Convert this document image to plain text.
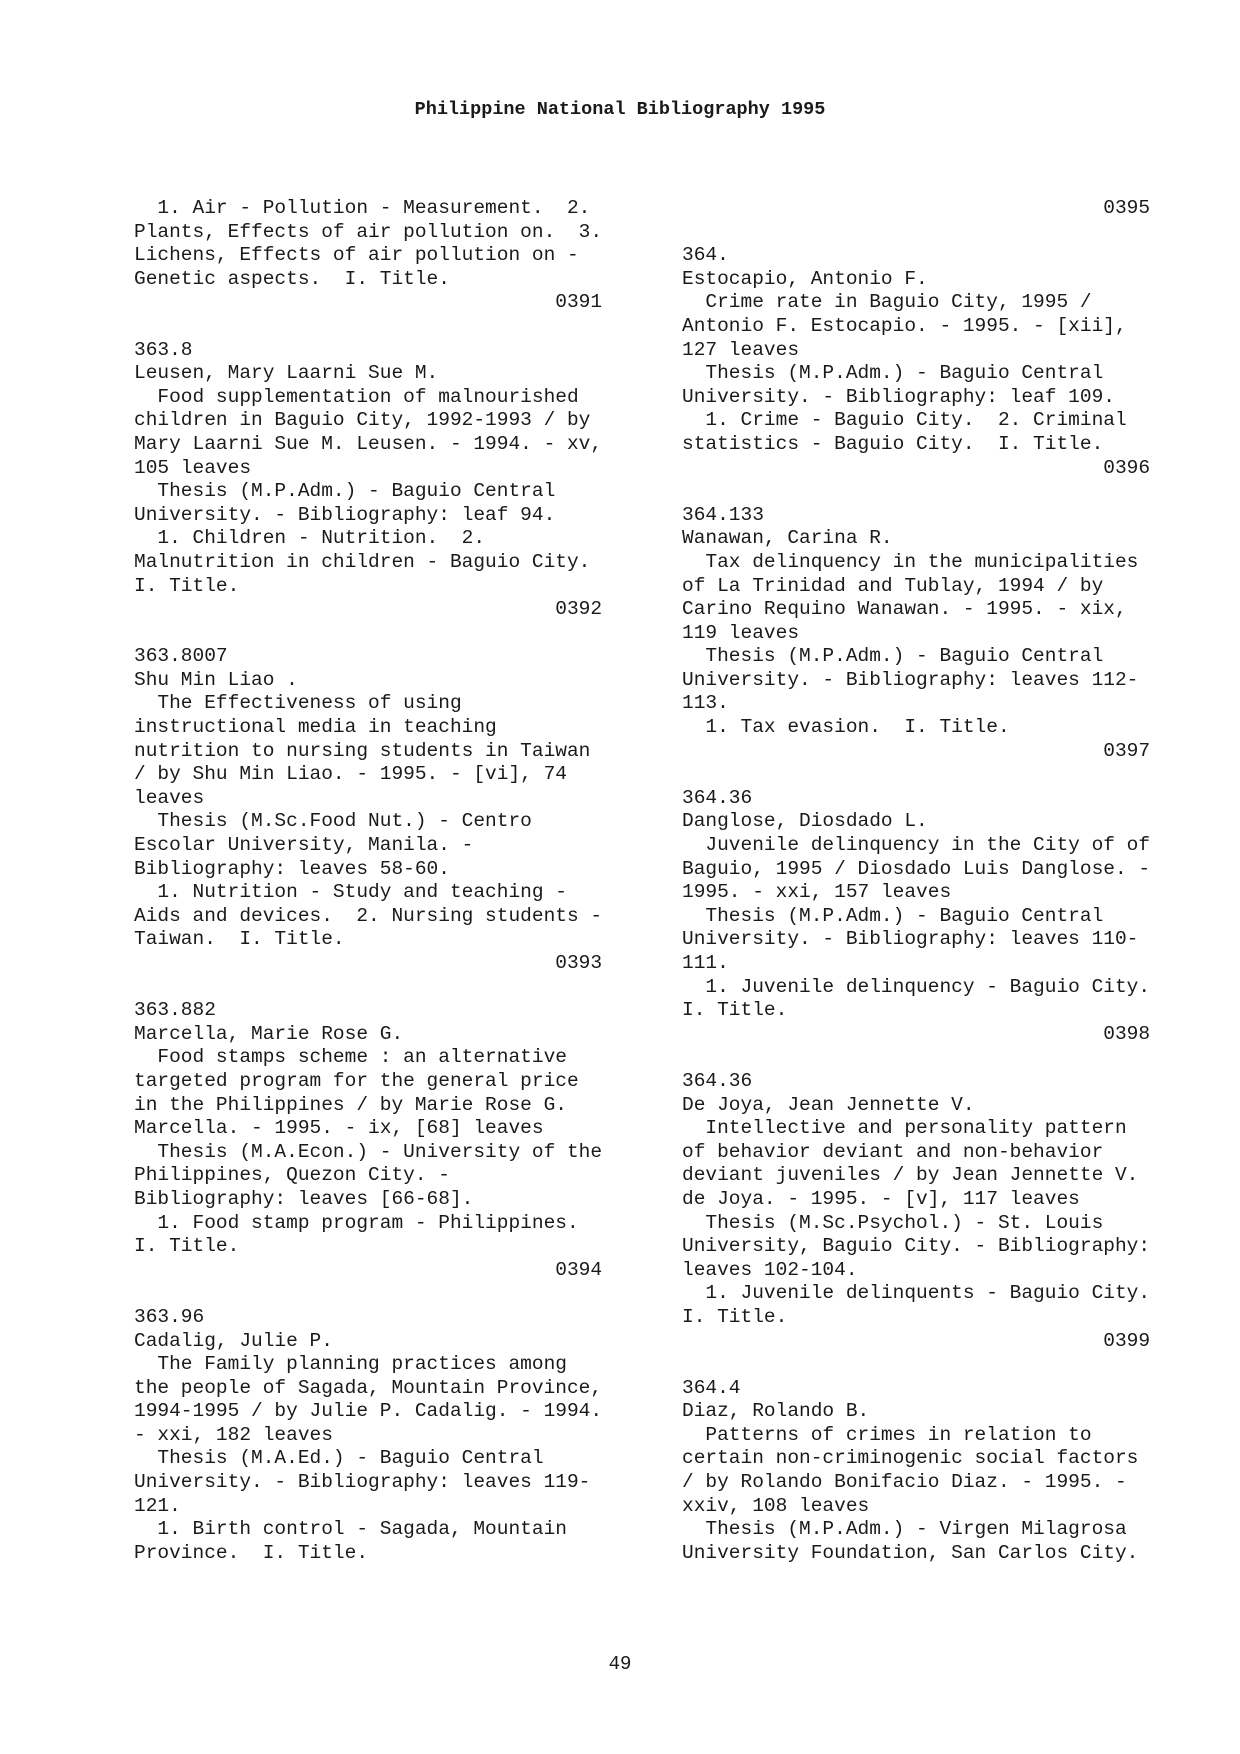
Philippine National Bibliography 1995
1. Air - Pollution - Measurement.  2.
Plants, Effects of air pollution on.  3.
Lichens, Effects of air pollution on -
Genetic aspects.  I. Title.
0391
363.8
Leusen, Mary Laarni Sue M.
Food supplementation of malnourished
children in Baguio City, 1992-1993 / by
Mary Laarni Sue M. Leusen. - 1994. - xv,
105 leaves
Thesis (M.P.Adm.) - Baguio Central
University. - Bibliography: leaf 94.
1. Children - Nutrition.  2.
Malnutrition in children - Baguio City.
I. Title.
0392
363.8007
Shu Min Liao .
The Effectiveness of using
instructional media in teaching
nutrition to nursing students in Taiwan
/ by Shu Min Liao. - 1995. - [vi], 74
leaves
Thesis (M.Sc.Food Nut.) - Centro
Escolar University, Manila. -
Bibliography: leaves 58-60.
1. Nutrition - Study and teaching -
Aids and devices.  2. Nursing students -
Taiwan.  I. Title.
0393
363.882
Marcella, Marie Rose G.
Food stamps scheme : an alternative
targeted program for the general price
in the Philippines / by Marie Rose G.
Marcella. - 1995. - ix, [68] leaves
Thesis (M.A.Econ.) - University of the
Philippines, Quezon City. -
Bibliography: leaves [66-68].
1. Food stamp program - Philippines.
I. Title.
0394
363.96
Cadalig, Julie P.
The Family planning practices among
the people of Sagada, Mountain Province,
1994-1995 / by Julie P. Cadalig. - 1994.
- xxi, 182 leaves
Thesis (M.A.Ed.) - Baguio Central
University. - Bibliography: leaves 119-
121.
1. Birth control - Sagada, Mountain
Province.  I. Title.
0395
364.
Estocapio, Antonio F.
Crime rate in Baguio City, 1995 /
Antonio F. Estocapio. - 1995. - [xii],
127 leaves
Thesis (M.P.Adm.) - Baguio Central
University. - Bibliography: leaf 109.
1. Crime - Baguio City.  2. Criminal
statistics - Baguio City.  I. Title.
0396
364.133
Wanawan, Carina R.
Tax delinquency in the municipalities
of La Trinidad and Tublay, 1994 / by
Carino Requino Wanawan. - 1995. - xix,
119 leaves
Thesis (M.P.Adm.) - Baguio Central
University. - Bibliography: leaves 112-
113.
1. Tax evasion.  I. Title.
0397
364.36
Danglose, Diosdado L.
Juvenile delinquency in the City of of
Baguio, 1995 / Diosdado Luis Danglose. -
1995. - xxi, 157 leaves
Thesis (M.P.Adm.) - Baguio Central
University. - Bibliography: leaves 110-
111.
1. Juvenile delinquency - Baguio City.
I. Title.
0398
364.36
De Joya, Jean Jennette V.
Intellective and personality pattern
of behavior deviant and non-behavior
deviant juveniles / by Jean Jennette V.
de Joya. - 1995. - [v], 117 leaves
Thesis (M.Sc.Psychol.) - St. Louis
University, Baguio City. - Bibliography:
leaves 102-104.
1. Juvenile delinquents - Baguio City.
I. Title.
0399
364.4
Diaz, Rolando B.
Patterns of crimes in relation to
certain non-criminogenic social factors
/ by Rolando Bonifacio Diaz. - 1995. -
xxiv, 108 leaves
Thesis (M.P.Adm.) - Virgen Milagrosa
University Foundation, San Carlos City.
49
